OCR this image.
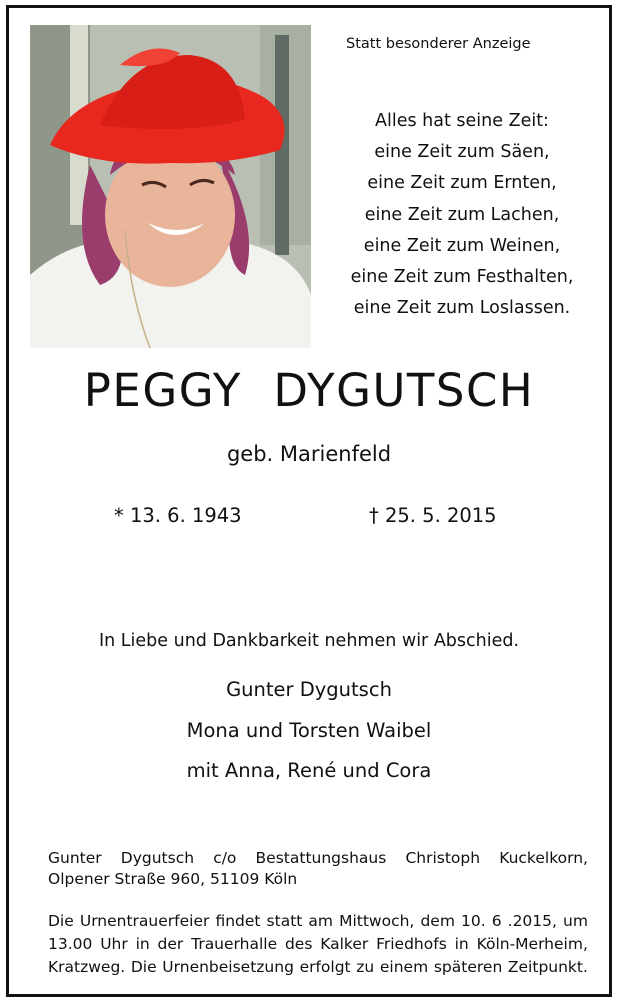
Statt besonderer Anzeige
Alles hat seine Zeit:
eine Zeit zum Säen,
eine Zeit zum Ernten,
eine Zeit zum Lachen,
eine Zeit zum Weinen,
eine Zeit zum Festhalten,
eine Zeit zum Loslassen.
PEGGY  DYGUTSCH
geb. Marienfeld
* 13. 6. 1943	† 25. 5. 2015
In Liebe und Dankbarkeit nehmen wir Abschied.
Gunter Dygutsch
Mona und Torsten Waibel
mit Anna, René und Cora
Gunter Dygutsch c/o Bestattungshaus Christoph Kuckelkorn,
Olpener Straße 960, 51109 Köln
Die Urnentrauerfeier findet statt am Mittwoch, dem 10. 6 .2015, um
13.00 Uhr in der Trauerhalle des Kalker Friedhofs in Köln-Merheim,
Kratzweg. Die Urnenbeisetzung erfolgt zu einem späteren Zeitpunkt.
